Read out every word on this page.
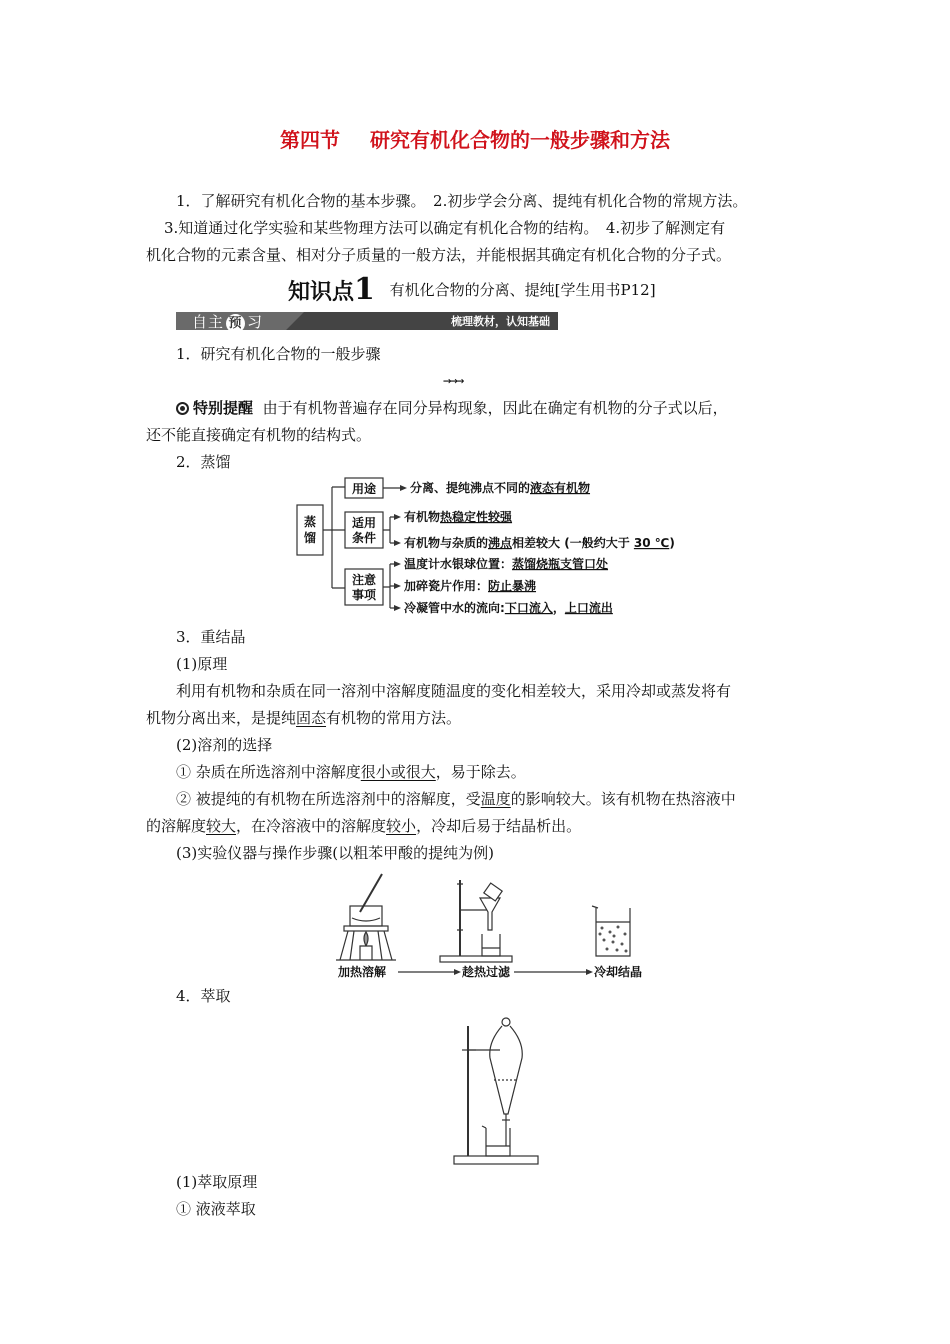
第四节 研究有机化合物的一般步骤和方法
1．了解研究有机化合物的基本步骤。　2.初步学会分离、提纯有机化合物的常规方法。
3.知道通过化学实验和某些物理方法可以确定有机化合物的结构。　4.初步了解测定有
机化合物的元素含量、相对分子质量的一般方法，并能根据其确定有机化合物的分子式。
知识点1 有机化合物的分离、提纯[学生用书P12]
自主 预 习	梳理教材，认知基础
1．研究有机化合物的一般步骤
→→→
特别提醒 由于有机物普遍存在同分异构现象，因此在确定有机物的分子式以后，
还不能直接确定有机物的结构式。
2．蒸馏
蒸
馏
用途
适用
条件
注意
事项
分离、提纯沸点不同的液态有机物
有机物热稳定性较强
有机物与杂质的沸点相差较大 (一般约大于 30 ℃)
温度计水银球位置：蒸馏烧瓶支管口处
加碎瓷片作用：防止暴沸
冷凝管中水的流向:下口流入，上口流出
3．重结晶
(1)原理
利用有机物和杂质在同一溶剂中溶解度随温度的变化相差较大，采用冷却或蒸发将有
机物分离出来，是提纯固态有机物的常用方法。
(2)溶剂的选择
① 杂质在所选溶剂中溶解度很小或很大，易于除去。
② 被提纯的有机物在所选溶剂中的溶解度，受温度的影响较大。该有机物在热溶液中
的溶解度较大，在冷溶液中的溶解度较小，冷却后易于结晶析出。
(3)实验仪器与操作步骤(以粗苯甲酸的提纯为例)
加热溶解	趁热过滤	冷却结晶
4．萃取
(1)萃取原理
① 液液萃取
